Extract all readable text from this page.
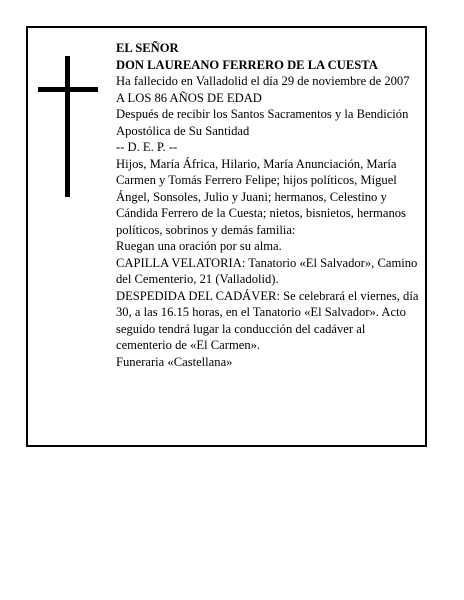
EL SEÑOR

DON LAUREANO FERRERO DE LA CUESTA

Ha fallecido en Valladolid el día 29 de noviembre de 2007

A LOS 86 AÑOS DE EDAD

Después de recibir los Santos Sacramentos y la Bendición Apostólica de Su Santidad

-- D. E. P. --

Hijos, María África, Hilario, María Anunciación, María Carmen y Tomás Ferrero Felipe; hijos políticos, Miguel Ángel, Sonsoles, Julio y Juani; hermanos, Celestino y Cándida Ferrero de la Cuesta; nietos, bisnietos, hermanos políticos, sobrinos y demás familia:

Ruegan una oración por su alma.

CAPILLA VELATORIA: Tanatorio «El Salvador», Camino del Cementerio, 21 (Valladolid).

DESPEDIDA DEL CADÁVER: Se celebrará el viernes, día 30, a las 16.15 horas, en el Tanatorio «El Salvador». Acto seguido tendrá lugar la conducción del cadáver al cementerio de «El Carmen».

Funeraria «Castellana»
